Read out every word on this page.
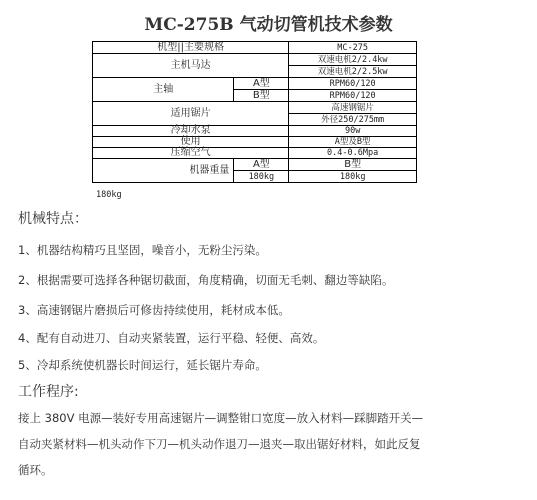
MC-275B 气动切管机技术参数
机型||主要规格		MC-275
主机马达		双速电机2/2.4kw
		双速电机2/2.5kw
主轴	A型	RPM60/120
	B型	RPM60/120
适用锯片		高速钢锯片
		外径250/275mm
冷却水泵		90w
使用		A型及B型
压缩空气		0.4-0.6Mpa
机器重量	A型	B型
	180kg	180kg
180kg
机械特点：
1、机器结构精巧且坚固，噪音小，无粉尘污染。
2、根据需要可选择各种锯切截面，角度精确，切面无毛刺、翻边等缺陷。
3、高速钢锯片磨损后可修齿持续使用，耗材成本低。
4、配有自动进刀、自动夹紧装置，运行平稳、轻便、高效。
5、冷却系统使机器长时间运行，延长锯片寿命。
工作程序:
接上 380V 电源—装好专用高速锯片—调整钳口宽度—放入材料—踩脚踏开关—
自动夹紧材料—机头动作下刀—机头动作退刀—退夹—取出锯好材料，如此反复
循环。
